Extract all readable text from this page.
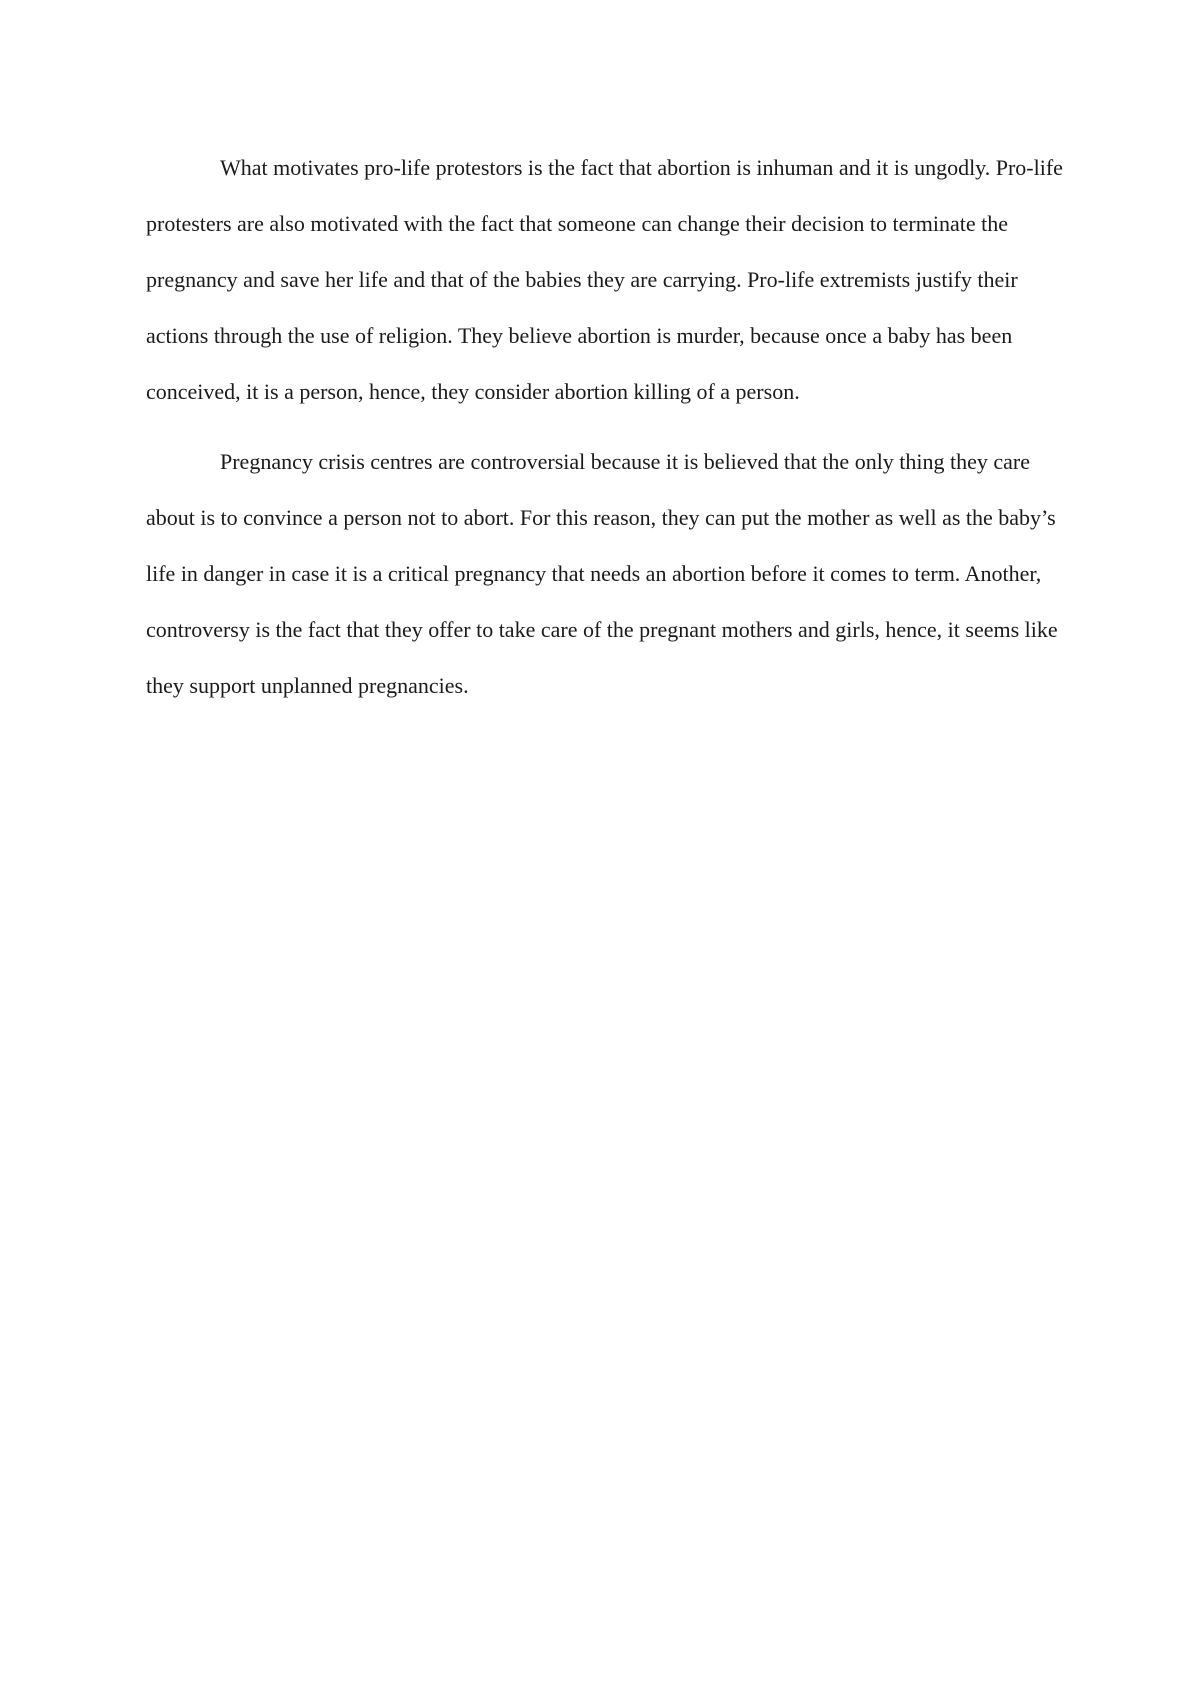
What motivates pro-life protestors is the fact that abortion is inhuman and it is ungodly. Pro-life protesters are also motivated with the fact that someone can change their decision to terminate the pregnancy and save her life and that of the babies they are carrying. Pro-life extremists justify their actions through the use of religion. They believe abortion is murder, because once a baby has been conceived, it is a person, hence, they consider abortion killing of a person.

Pregnancy crisis centres are controversial because it is believed that the only thing they care about is to convince a person not to abort. For this reason, they can put the mother as well as the baby’s life in danger in case it is a critical pregnancy that needs an abortion before it comes to term. Another, controversy is the fact that they offer to take care of the pregnant mothers and girls, hence, it seems like they support unplanned pregnancies.
